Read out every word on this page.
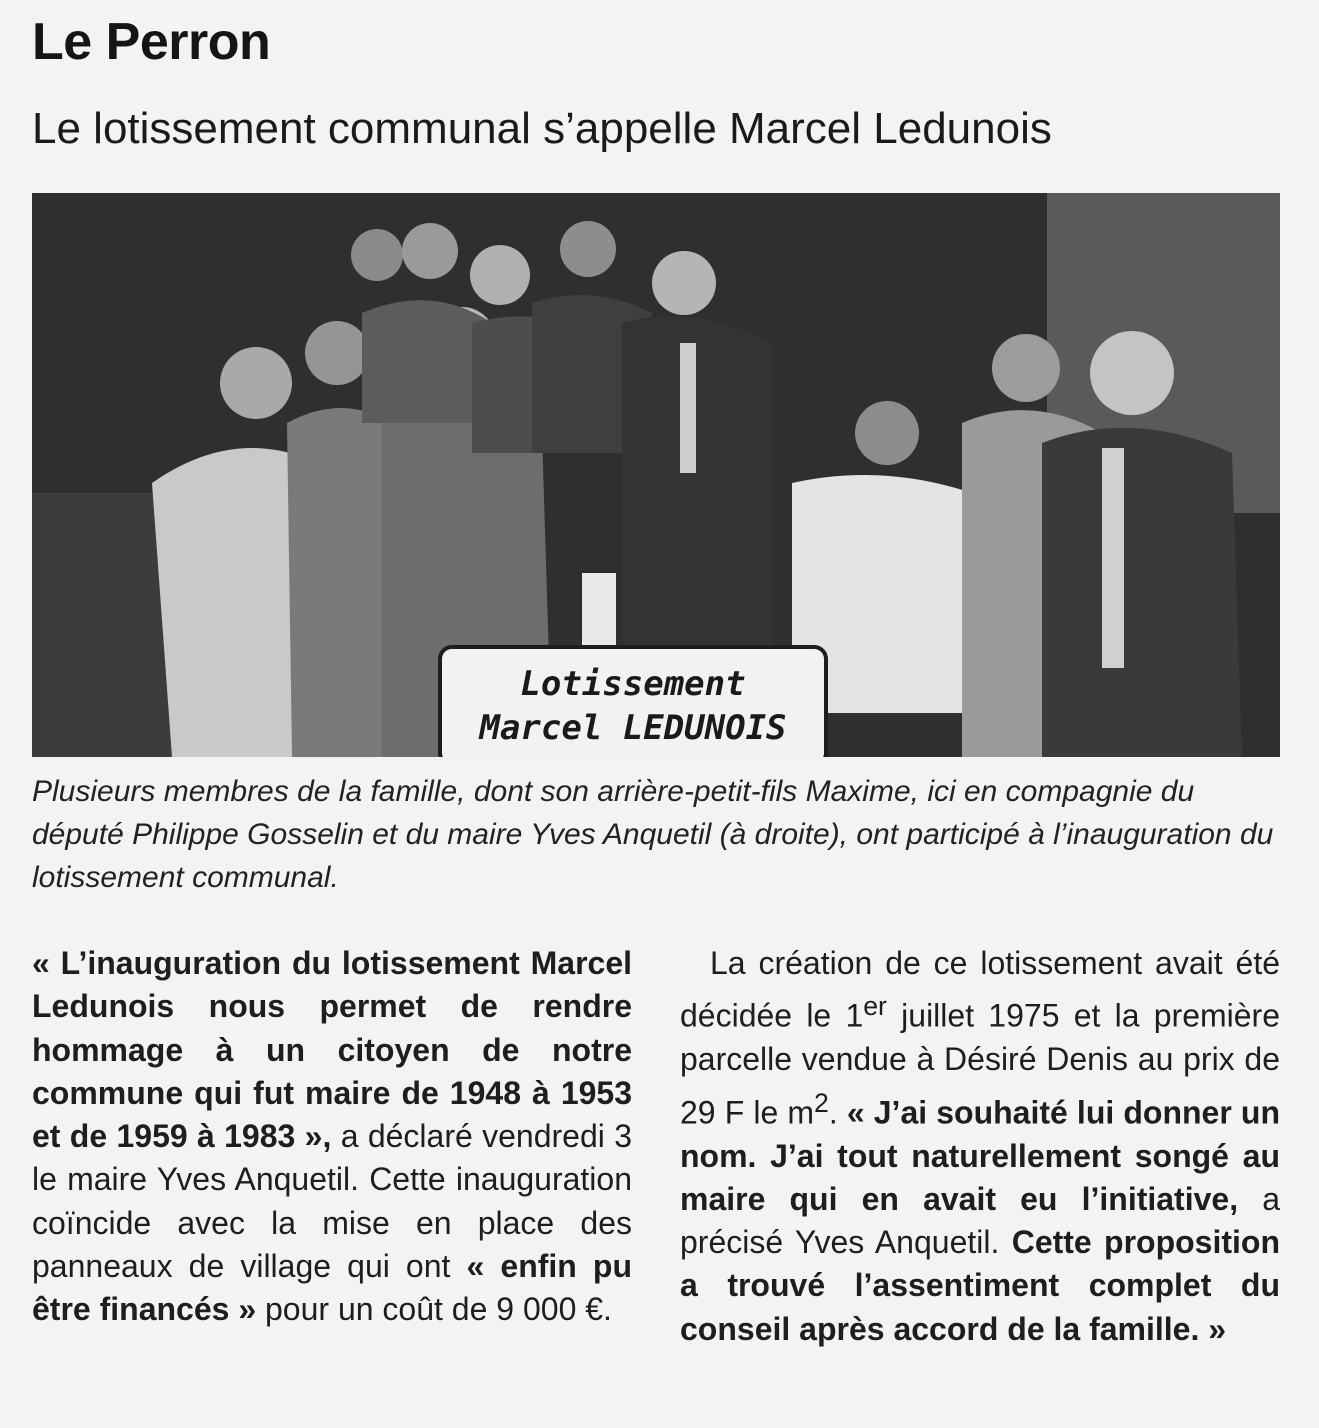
Le Perron
Le lotissement communal s’appelle Marcel Ledunois
Lotissement
Marcel LEDUNOIS

Plusieurs membres de la famille, dont son arrière-petit-fils Maxime, ici en compagnie du député Philippe Gosselin et du maire Yves Anquetil (à droite), ont participé à l’inauguration du lotissement communal.

« L’inauguration du lotissement Marcel Ledunois nous permet de rendre hommage à un citoyen de notre commune qui fut maire de 1948 à 1953 et de 1959 à 1983 », a déclaré vendredi 3 le maire Yves Anquetil. Cette inauguration coïncide avec la mise en place des panneaux de village qui ont « enfin pu être financés » pour un coût de 9 000 €.

La création de ce lotissement avait été décidée le 1er juillet 1975 et la première parcelle vendue à Désiré Denis au prix de 29 F le $m^2$. « J’ai souhaité lui donner un nom. J’ai tout naturellement songé au maire qui en avait eu l’initiative, a précisé Yves Anquetil. Cette proposition a trouvé l’assentiment complet du conseil après accord de la famille. »
